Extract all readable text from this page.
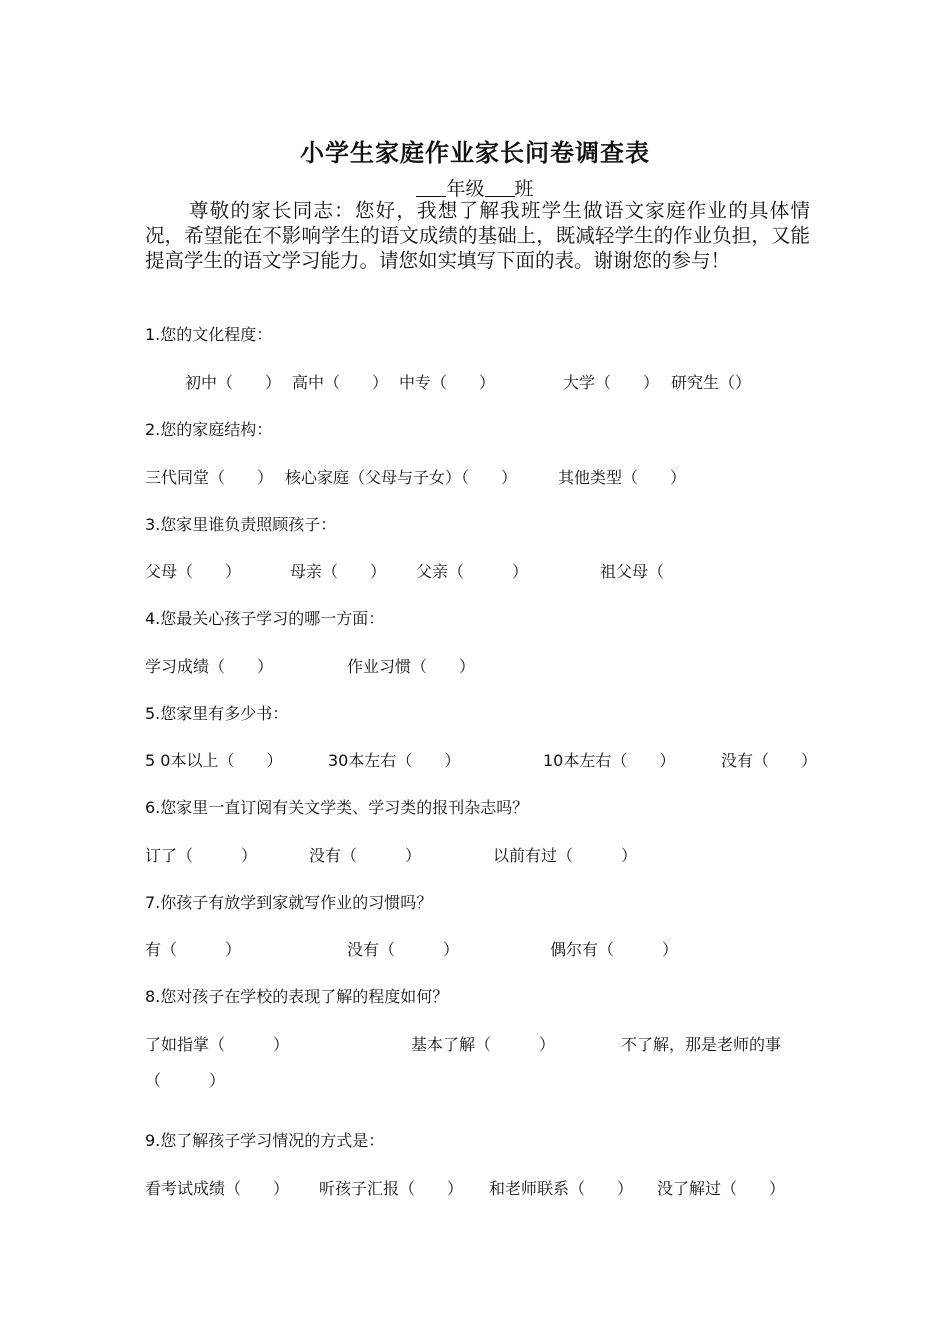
小学生家庭作业家长问卷调查表
年级 班
尊敬的家长同志：您好，我想了解我班学生做语文家庭作业的具体情况，希望能在不影响学生的语文成绩的基础上，既减轻学生的作业负担，又能提高学生的语文学习能力。请您如实填写下面的表。谢谢您的参与！
1.您的文化程度：
初中（　　） 高中（　　） 中专（　　）	大学（　　） 研究生（）
2.您的家庭结构：
三代同堂（　　） 核心家庭（父母与子女）（　　）	其他类型（　　）
3.您家里谁负责照顾孩子：
父母（　　）	母亲（　　） 父亲（　　　）	祖父母（
4.您最关心孩子学习的哪一方面：
学习成绩（　　）	作业习惯（　　）
5.您家里有多少书：
5 0本以上（　　）	30本左右（　　）	10本左右（　　）	没有（　　）
6.您家里一直订阅有关文学类、学习类的报刊杂志吗？
订了（　　　）	没有（　　　）	以前有过（　　　）
7.你孩子有放学到家就写作业的习惯吗？
有（　　　）	没有（　　　）	偶尔有（　　　）
8.您对孩子在学校的表现了解的程度如何？
了如指掌（　　　）	基本了解（　　　）	不了解，那是老师的事
（　　　）
9.您了解孩子学习情况的方式是：
看考试成绩（　　） 听孩子汇报（　　） 和老师联系（　　） 没了解过（　　）
